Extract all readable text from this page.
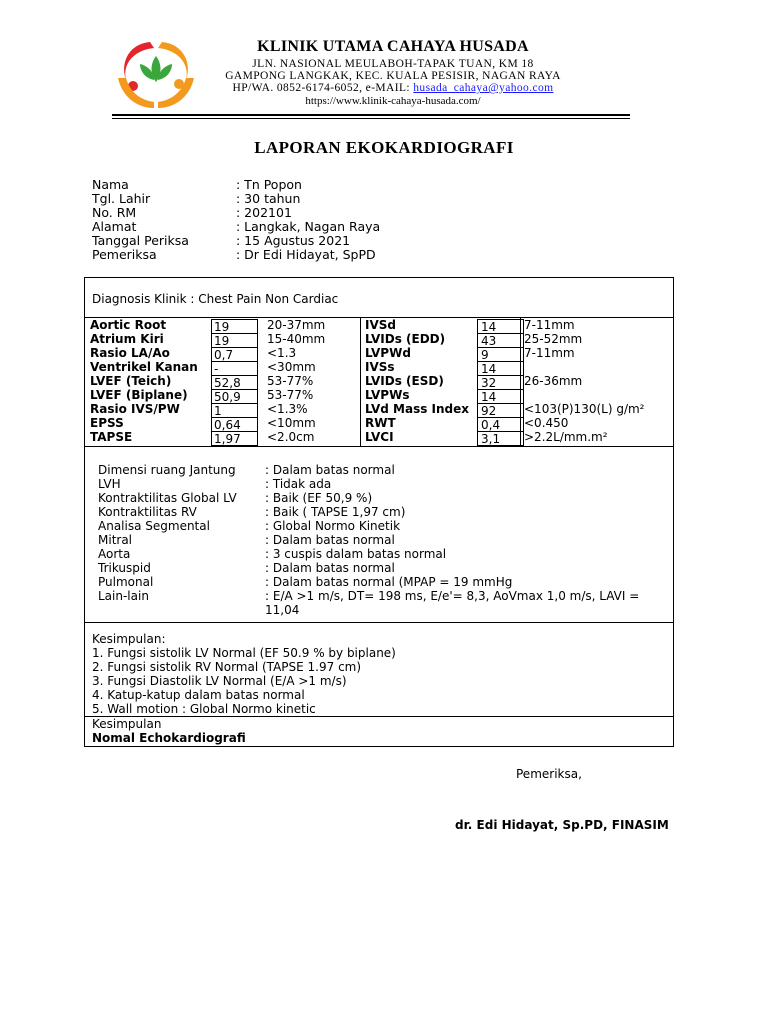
KLINIK UTAMA CAHAYA HUSADA
JLN. NASIONAL MEULABOH-TAPAK TUAN, KM 18
GAMPONG LANGKAK, KEC. KUALA PESISIR, NAGAN RAYA
HP/WA. 0852-6174-6052, e-MAIL: husada_cahaya@yahoo.com
https://www.klinik-cahaya-husada.com/
LAPORAN EKOKARDIOGRAFI
Nama	: Tn Popon
Tgl. Lahir	: 30 tahun
No. RM	: 202101
Alamat	: Langkak, Nagan Raya
Tanggal Periksa	: 15 Agustus 2021
Pemeriksa	: Dr Edi Hidayat, SpPD
Diagnosis Klinik : Chest Pain Non Cardiac
Aortic Root	19	20-37mm	IVSd	14 7-11mm
Atrium Kiri	19	15-40mm	LVIDs (EDD)	43 25-52mm
Rasio LA/Ao	0,7	<1.3	LVPWd	9	7-11mm
Ventrikel Kanan -	<30mm	IVSs	14
LVEF (Teich)	52,8 53-77%	LVIDs (ESD)	32 26-36mm
LVEF (Biplane) 50,9 53-77%	LVPWs	14
Rasio IVS/PW	1	<1.3%	LVd Mass Index 92 <103(P)130(L) g/m²
EPSS	0,64 <10mm	RWT	0,4 <0.450
TAPSE	1,97 <2.0cm	LVCI	3,1 >2.2L/mm.m²
Dimensi ruang Jantung : Dalam batas normal
LVH	: Tidak ada
Kontraktilitas Global LV : Baik (EF 50,9 %)
Kontraktilitas RV	: Baik ( TAPSE 1,97 cm)
Analisa Segmental	: Global Normo Kinetik
Mitral	: Dalam batas normal
Aorta	: 3 cuspis dalam batas normal
Trikuspid	: Dalam batas normal
Pulmonal	: Dalam batas normal (MPAP = 19 mmHg
Lain-lain	: E/A >1 m/s, DT= 198 ms, E/e'= 8,3, AoVmax 1,0 m/s, LAVI =
11,04
Kesimpulan:
1. Fungsi sistolik LV Normal (EF 50.9 % by biplane)
2. Fungsi sistolik RV Normal (TAPSE 1.97 cm)
3. Fungsi Diastolik LV Normal (E/A >1 m/s)
4. Katup-katup dalam batas normal
5. Wall motion : Global Normo kinetic
Kesimpulan
Nomal Echokardiografi
Pemeriksa,
dr. Edi Hidayat, Sp.PD, FINASIM
